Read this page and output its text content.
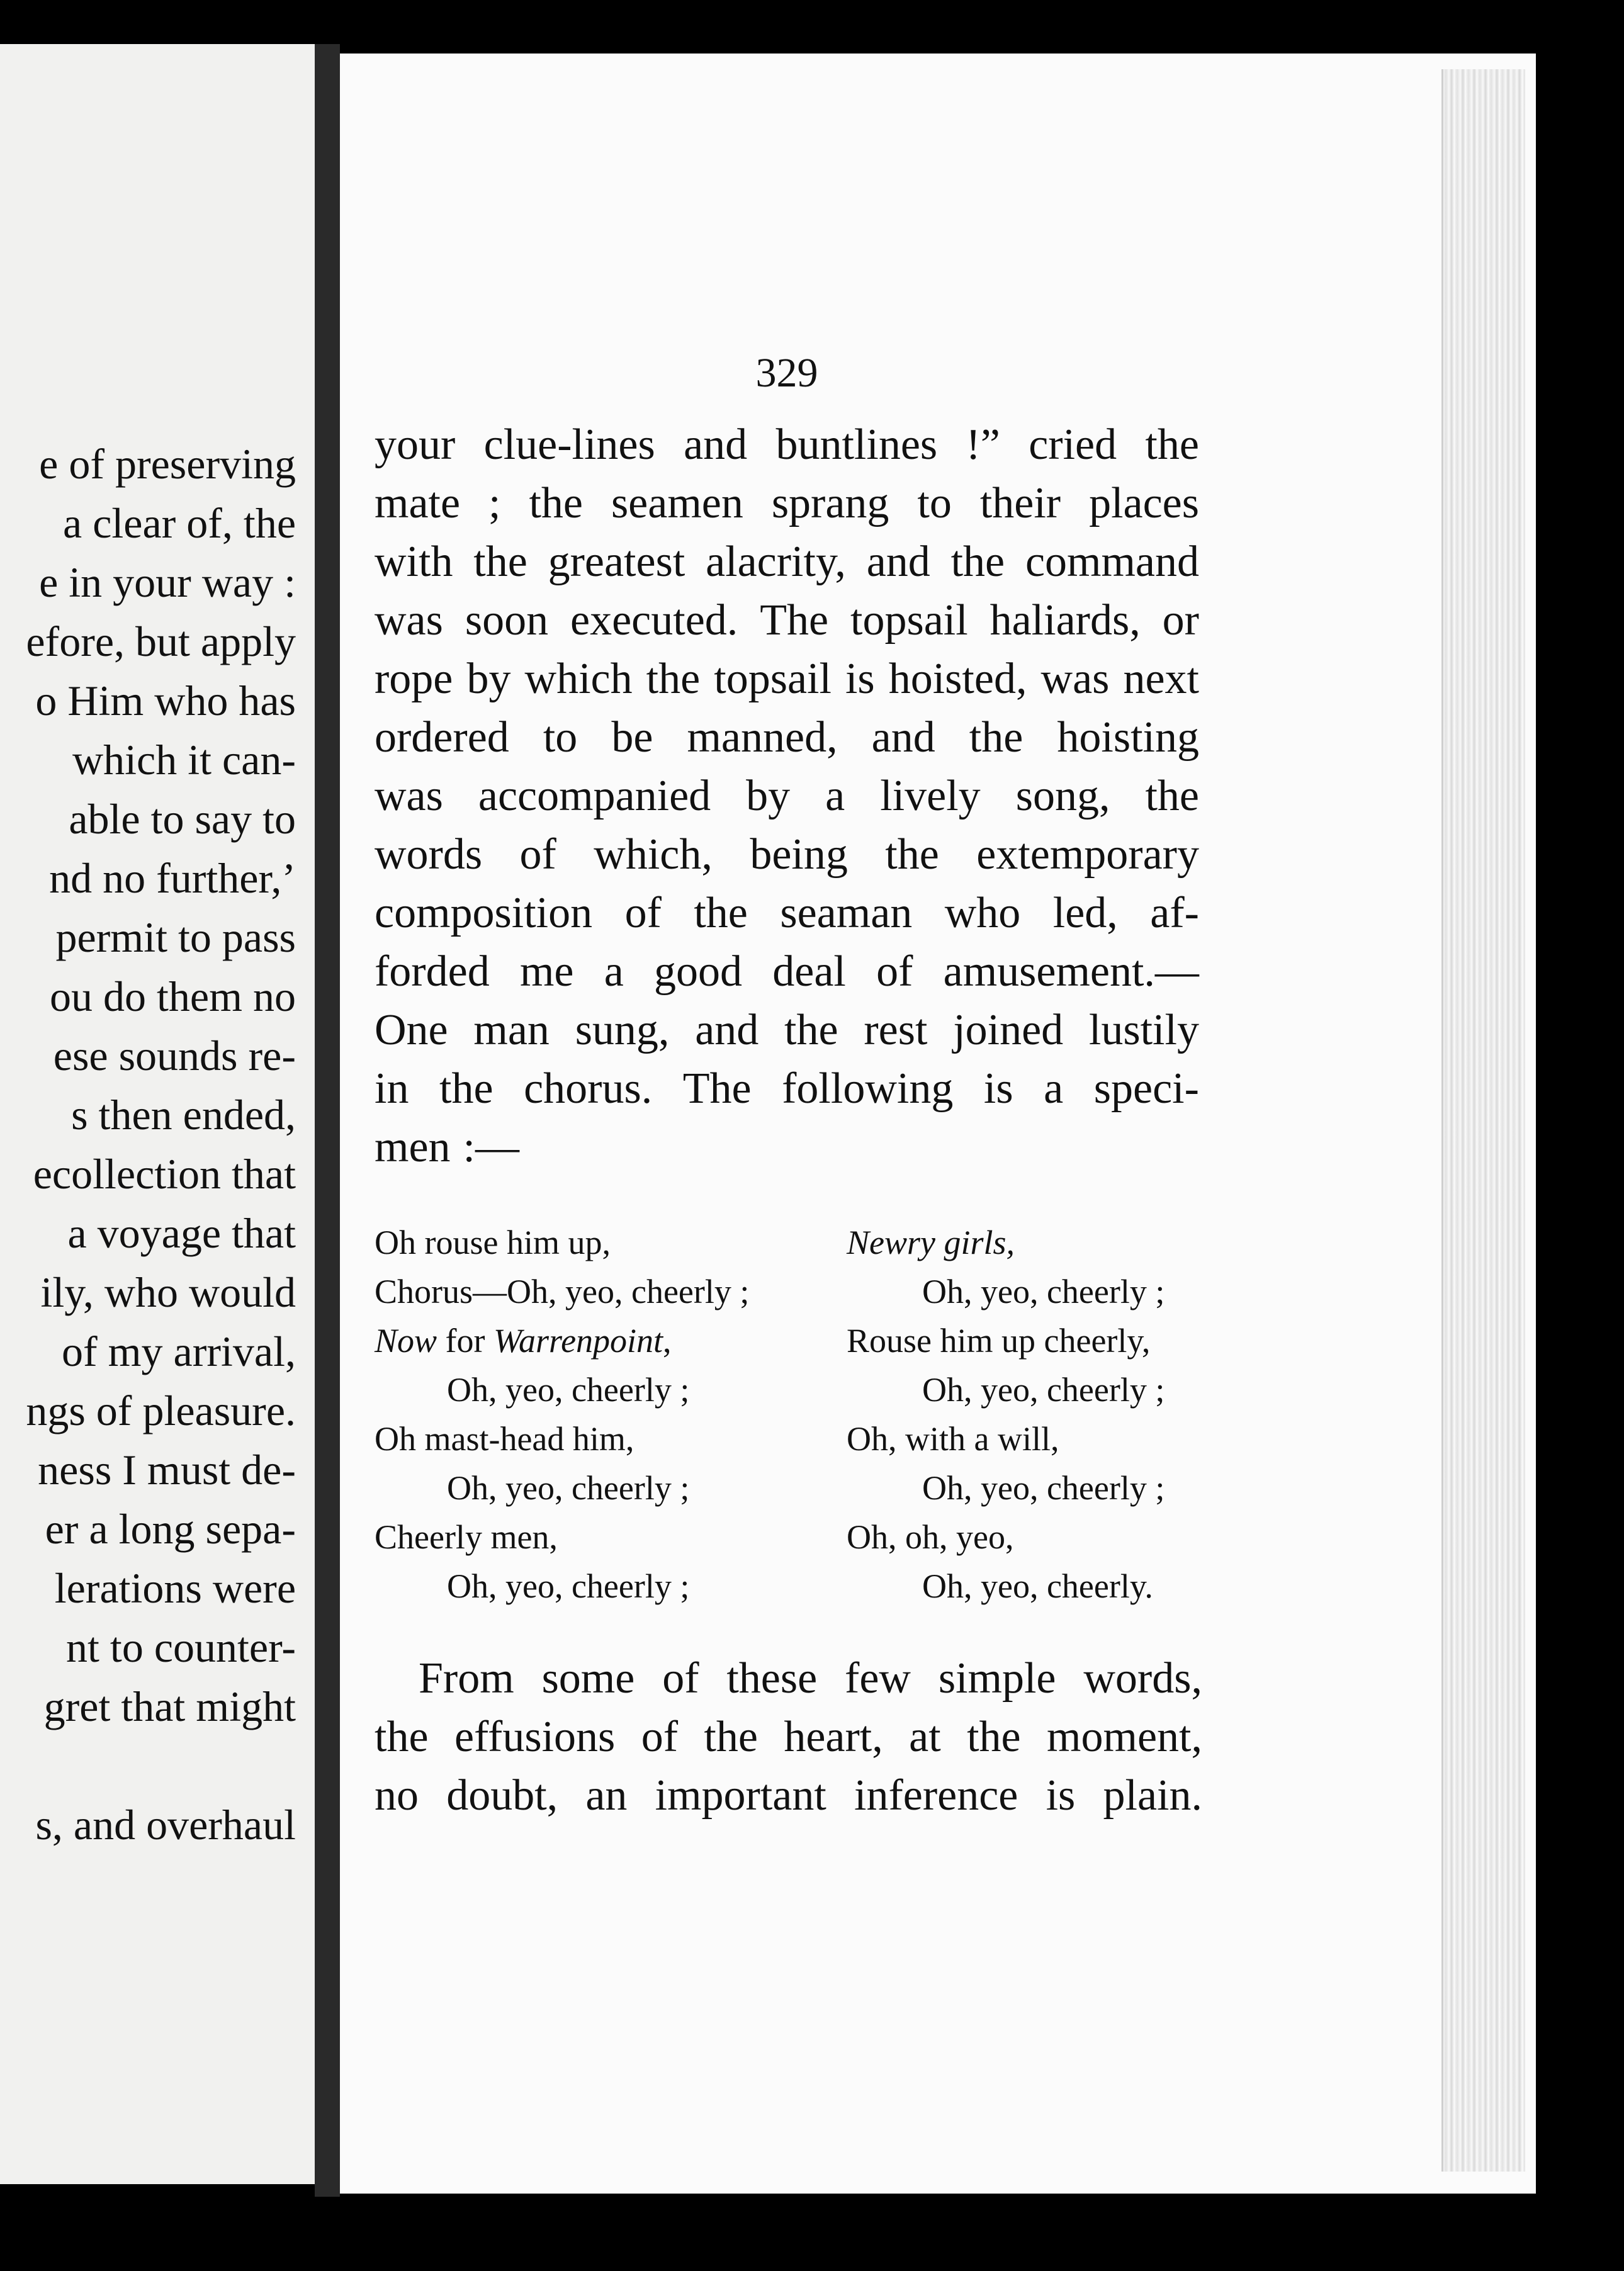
e of preserving
a clear of, the
e in your way :
efore, but apply
o Him who has
which it can-
able to say to
nd no further,’
permit to pass
ou do them no
ese sounds re-
s then ended,
ecollection that
a voyage that
ily, who would
of my arrival,
ngs of pleasure.
ness I must de-
er a long sepa-
lerations were
nt to counter-
gret that might
s, and overhaul
329
your clue-lines and buntlines !” cried the
mate ; the seamen sprang to their places
with the greatest alacrity, and the command
was soon executed. The topsail haliards, or
rope by which the topsail is hoisted, was next
ordered to be manned, and the hoisting
was accompanied by a lively song, the
words of which, being the extemporary
composition of the seaman who led, af-
forded me a good deal of amusement.—
One man sung, and the rest joined lustily
in the chorus. The following is a speci-
men :—
Oh rouse him up,
Chorus—Oh, yeo, cheerly ;
Now for Warrenpoint,
Oh, yeo, cheerly ;
Oh mast-head him,
Oh, yeo, cheerly ;
Cheerly men,
Oh, yeo, cheerly ;
Newry girls,
Oh, yeo, cheerly ;
Rouse him up cheerly,
Oh, yeo, cheerly ;
Oh, with a will,
Oh, yeo, cheerly ;
Oh, oh, yeo,
Oh, yeo, cheerly.
From some of these few simple words,
the effusions of the heart, at the moment,
no doubt, an important inference is plain.
